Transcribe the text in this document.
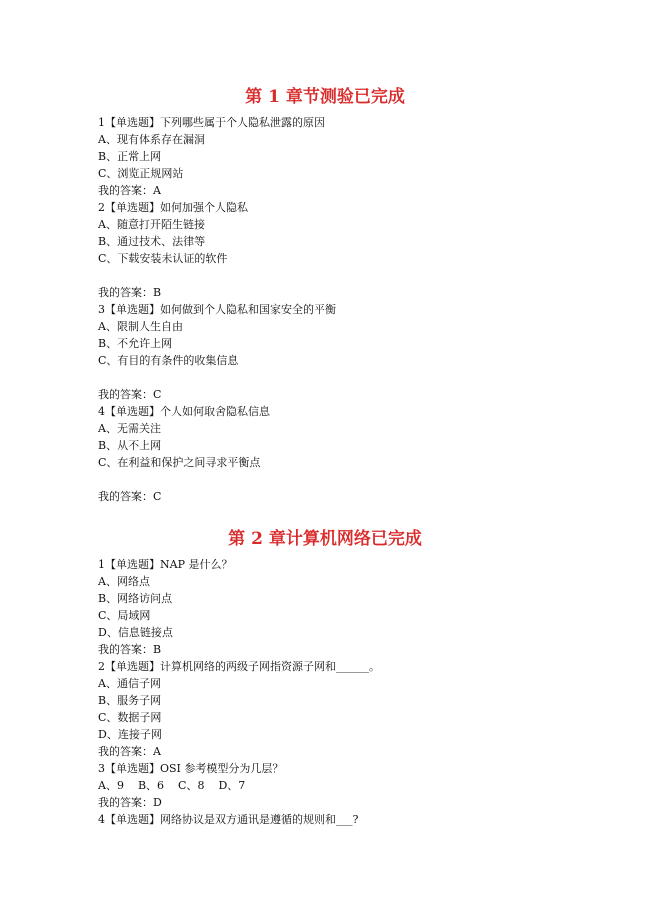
第 1 章节测验已完成

1【单选题】下列哪些属于个人隐私泄露的原因

A、现有体系存在漏洞

B、正常上网

C、浏览正规网站

我的答案：A

2【单选题】如何加强个人隐私

A、随意打开陌生链接

B、通过技术、法律等

C、下载安装未认证的软件

我的答案：B

3【单选题】如何做到个人隐私和国家安全的平衡

A、限制人生自由

B、不允许上网

C、有目的有条件的收集信息

我的答案：C

4【单选题】个人如何取舍隐私信息

A、无需关注

B、从不上网

C、在利益和保护之间寻求平衡点

我的答案：C

第 2 章计算机网络已完成

1【单选题】NAP 是什么？

A、网络点

B、网络访问点

C、局域网

D、信息链接点

我的答案：B

2【单选题】计算机网络的两级子网指资源子网和______。

A、通信子网

B、服务子网

C、数据子网

D、连接子网

我的答案：A

3【单选题】OSI 参考模型分为几层？

A、9 B、6 C、8 D、7

我的答案：D

4【单选题】网络协议是双方通讯是遵循的规则和___?
